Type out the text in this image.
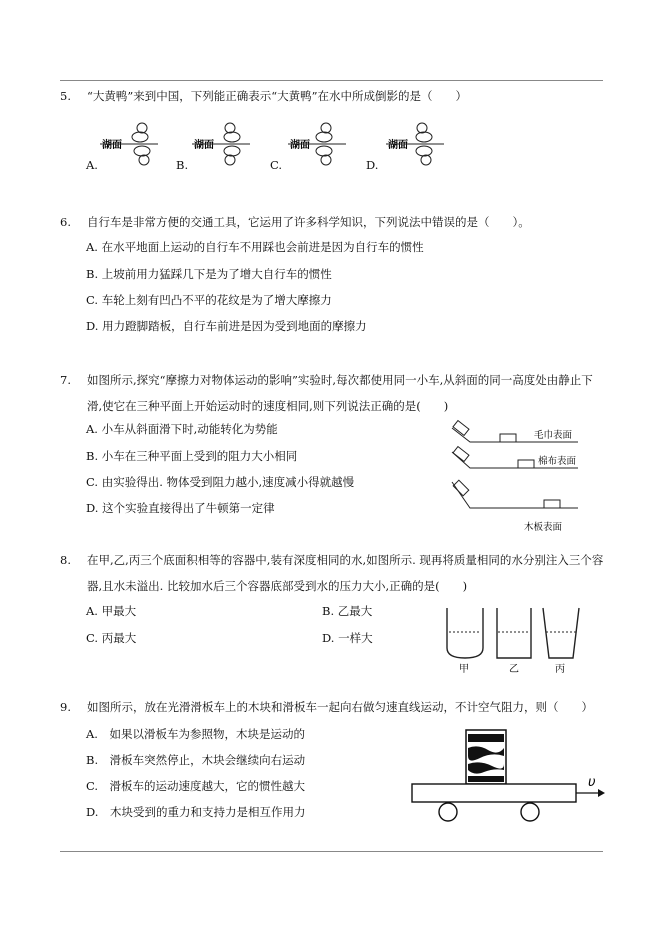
5. “大黄鸭”来到中国，下列能正确表示“大黄鸭”在水中所成倒影的是（　　）
A.	B.	C.	D.
湖面	湖面	湖面	湖面
6. 自行车是非常方便的交通工具，它运用了许多科学知识，下列说法中错误的是（　　）。
A. 在水平地面上运动的自行车不用踩也会前进是因为自行车的惯性
B. 上坡前用力猛踩几下是为了增大自行车的惯性
C. 车轮上刻有凹凸不平的花纹是为了增大摩擦力
D. 用力蹬脚踏板，自行车前进是因为受到地面的摩擦力
7. 如图所示,探究“摩擦力对物体运动的影响”实验时,每次都使用同一小车,从斜面的同一高度处由静止下滑,使它在三种平面上开始运动时的速度相同,则下列说法正确的是(　　)
A. 小车从斜面滑下时,动能转化为势能
B. 小车在三种平面上受到的阻力大小相同
C. 由实验得出. 物体受到阻力越小,速度减小得就越慢
D. 这个实验直接得出了牛顿第一定律
毛巾表面
棉布表面
木板表面
8. 在甲,乙,丙三个底面积相等的容器中,装有深度相同的水,如图所示. 现再将质量相同的水分别注入三个容器,且水未溢出. 比较加水后三个容器底部受到水的压力大小,正确的是(　　)
A. 甲最大	B. 乙最大
C. 丙最大	D. 一样大
甲	乙	丙
9. 如图所示，放在光滑滑板车上的木块和滑板车一起向右做匀速直线运动，不计空气阻力，则（　　）
A.　如果以滑板车为参照物，木块是运动的
B.　滑板车突然停止，木块会继续向右运动
C.　滑板车的运动速度越大，它的惯性越大
D.　木块受到的重力和支持力是相互作用力
υ
